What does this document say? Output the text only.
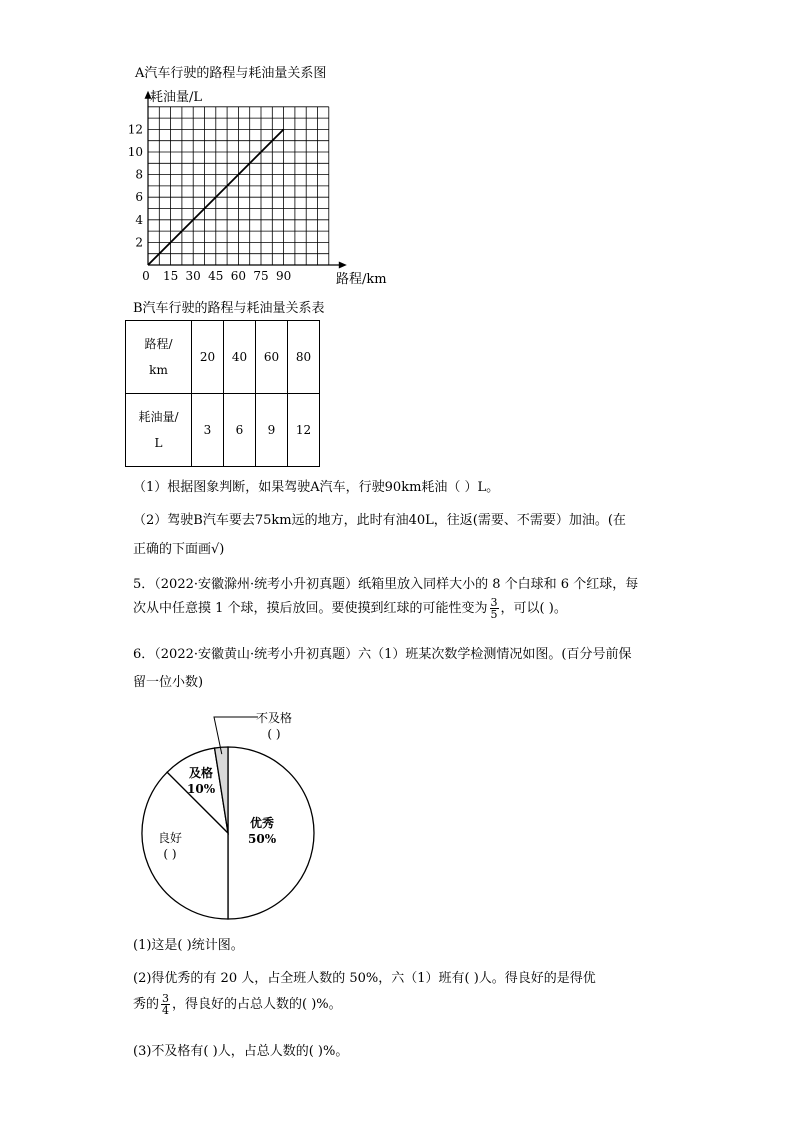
A汽车行驶的路程与耗油量关系图
0 15 30 45 60 75 90
2
4
6
8
10
12
耗油量/L
路程/km
B汽车行驶的路程与耗油量关系表
路程/
km	20	40	60	80
耗油量/
L	3	6	9	12
（1）根据图象判断，如果驾驶A汽车，行驶90km耗油（ ）L。
（2）驾驶B汽车要去75km远的地方，此时有油40L，往返(需要、不需要）加油。(在
正确的下面画√)
5．（2022·安徽滁州·统考小升初真题）纸箱里放入同样大小的 8 个白球和 6 个红球，每
次从中任意摸 1 个球，摸后放回。要使摸到红球的可能性变为 $\frac{3}{5}$ ，可以( )。
6．（2022·安徽黄山·统考小升初真题）六（1）班某次数学检测情况如图。(百分号前保
留一位小数)
不及格
( )
及格
10%
良好
( )
优秀
50%
(1)这是( )统计图。
(2)得优秀的有 20 人，占全班人数的 50%，六（1）班有( )人。得良好的是得优
秀的 $\frac{3}{4}$ ，得良好的占总人数的( )%。
(3)不及格有( )人，占总人数的( )%。
